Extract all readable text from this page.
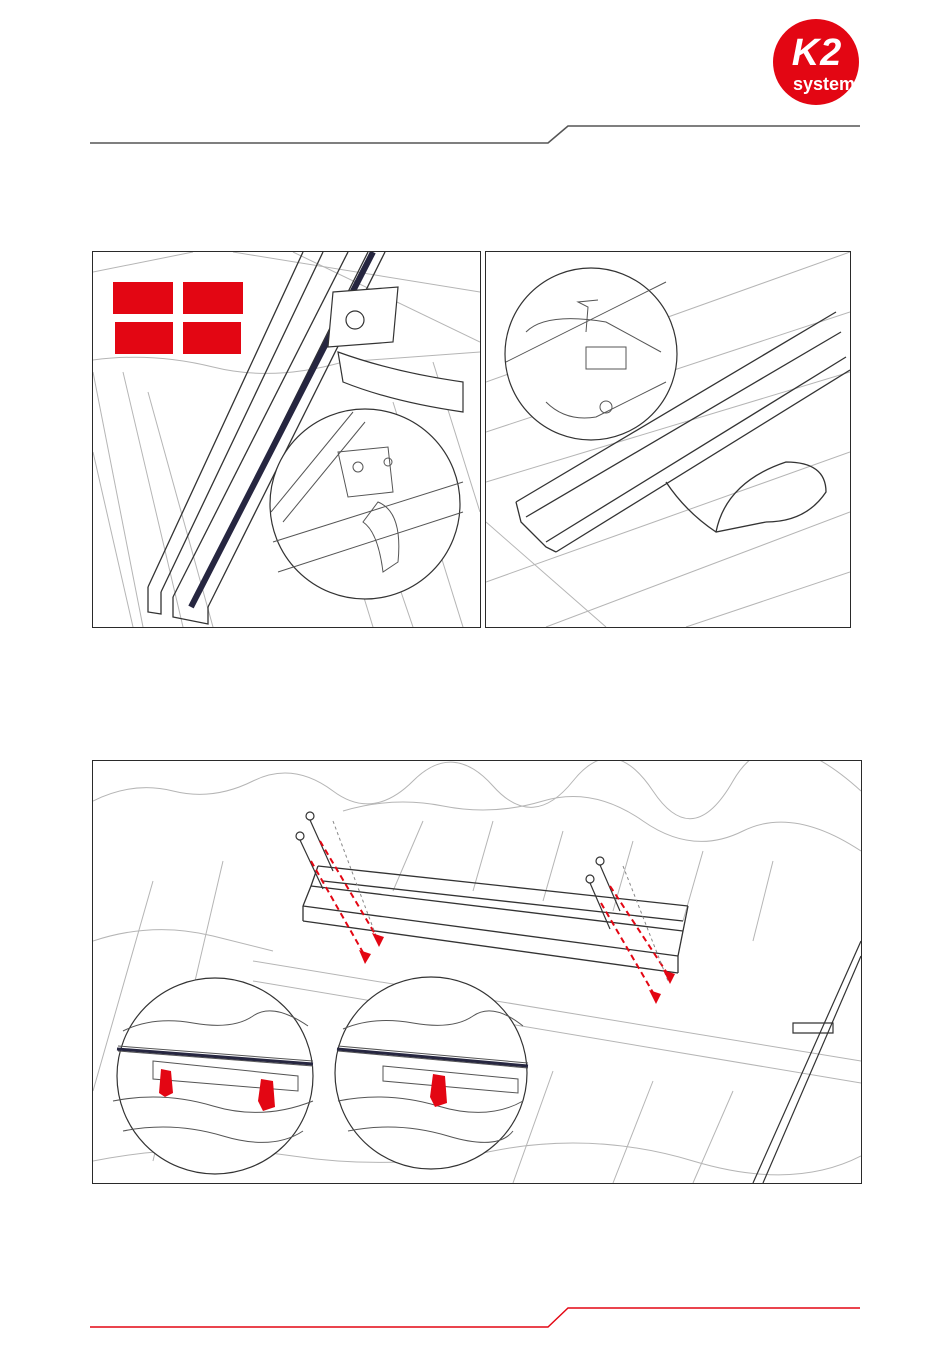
K2
systems
